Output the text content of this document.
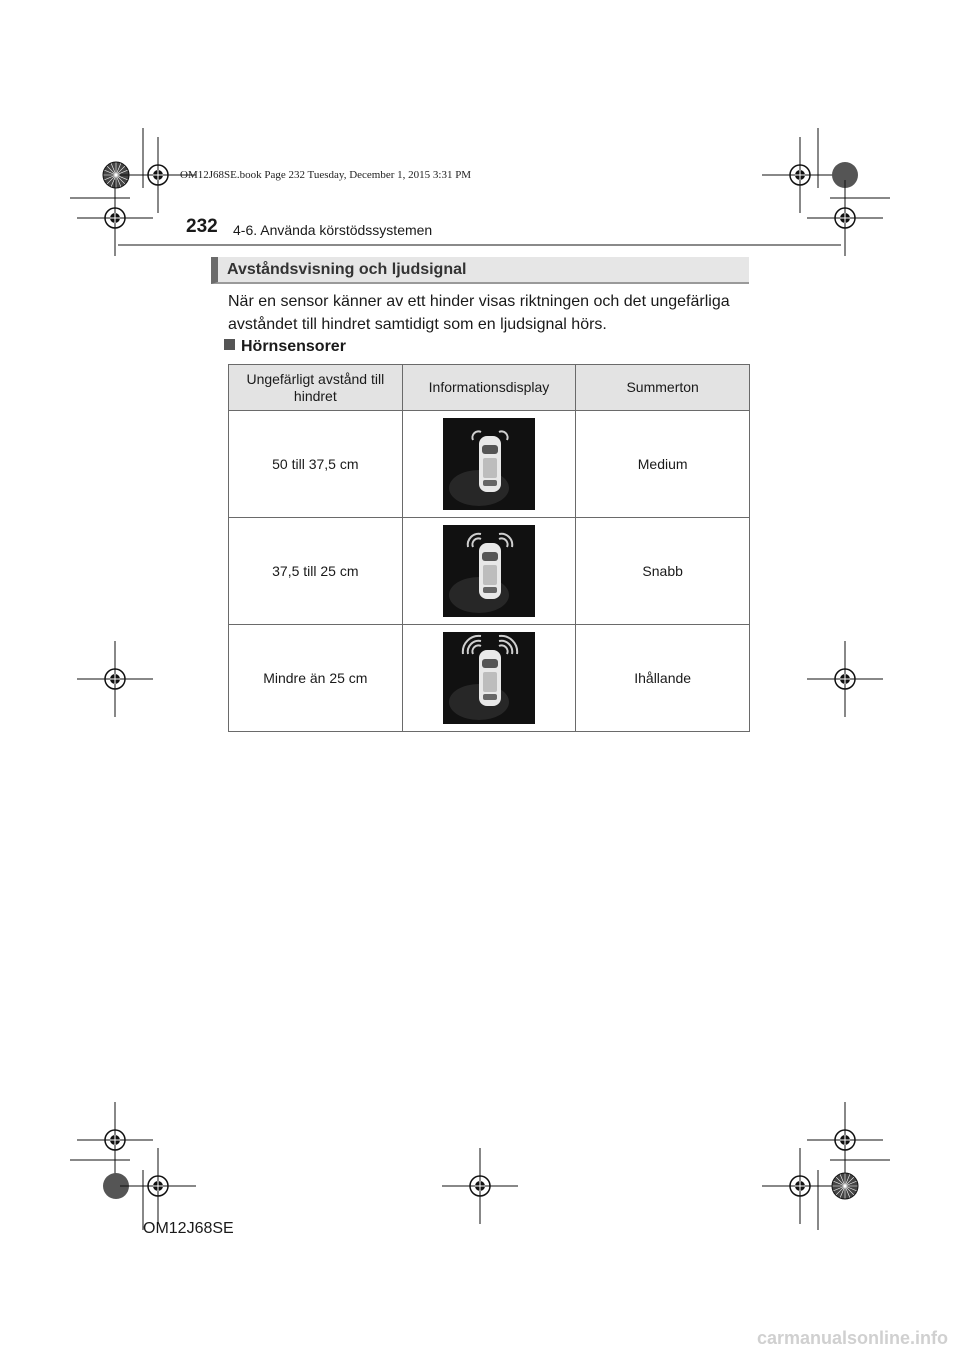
OM12J68SE.book Page 232 Tuesday, December 1, 2015 3:31 PM
232 4-6. Använda körstödssystemen
Avståndsvisning och ljudsignal
När en sensor känner av ett hinder visas riktningen och det ungefärliga avståndet till hindret samtidigt som en ljudsignal hörs.
Hörnsensorer
Ungefärligt avstånd till hindret	Informationsdisplay	Summerton
50 till 37,5 cm		Medium
37,5 till 25 cm		Snabb
Mindre än 25 cm		Ihållande
OM12J68SE
carmanualsonline.info
